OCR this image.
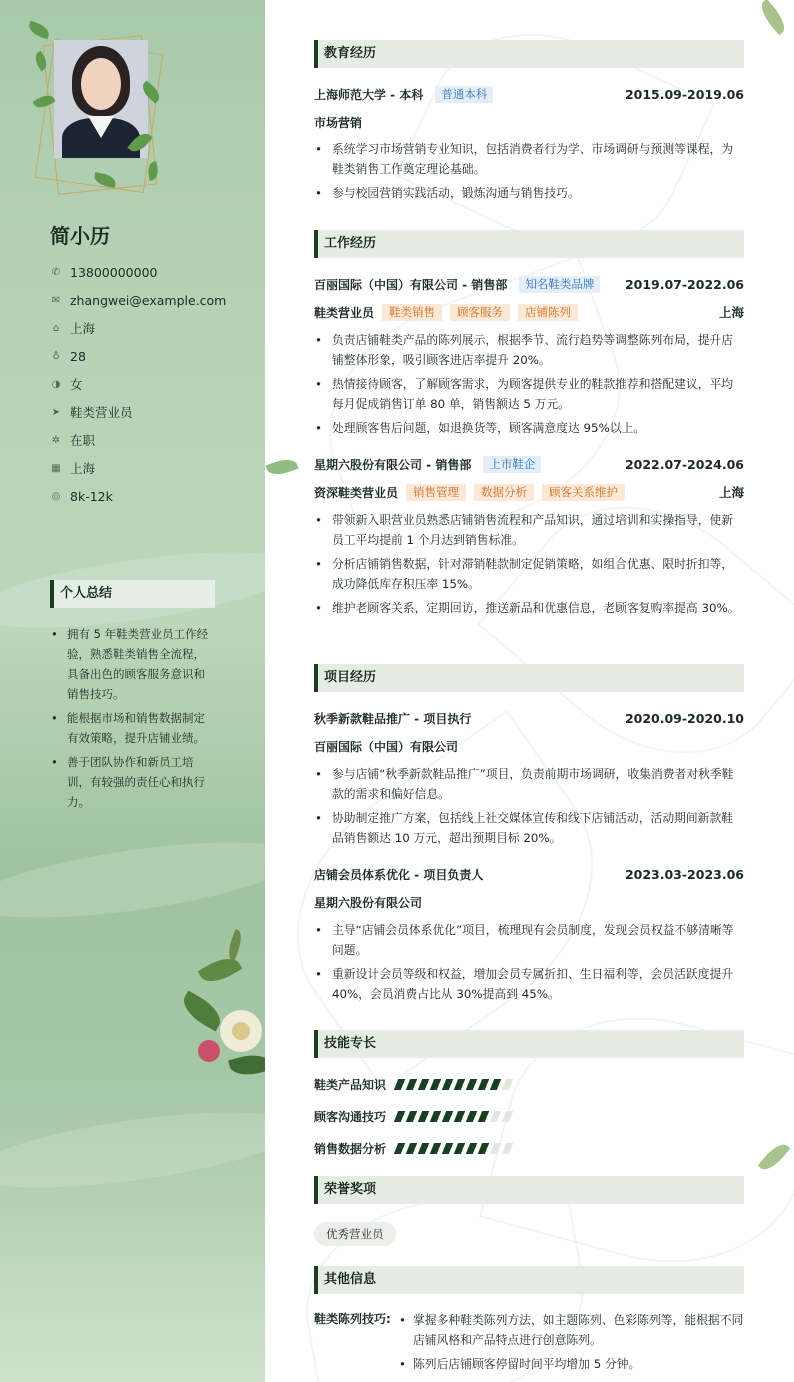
简小历
✆ 13800000000
✉ zhangwei@example.com
⌂ 上海
♁ 28
◑ 女
➤ 鞋类营业员
✲ 在职
▦ 上海
◎ 8k-12k
个人总结
• 拥有 5 年鞋类营业员工作经验，熟悉鞋类销售全流程，具备出色的顾客服务意识和销售技巧。
• 能根据市场和销售数据制定有效策略，提升店铺业绩。
• 善于团队协作和新员工培训，有较强的责任心和执行力。
教育经历
上海师范大学 - 本科	普通本科	2015.09-2019.06
市场营销
• 系统学习市场营销专业知识，包括消费者行为学、市场调研与预测等课程，为鞋类销售工作奠定理论基础。
• 参与校园营销实践活动，锻炼沟通与销售技巧。
工作经历
百丽国际（中国）有限公司 - 销售部	知名鞋类品牌	2019.07-2022.06
鞋类营业员	鞋类销售	顾客服务	店铺陈列	上海
• 负责店铺鞋类产品的陈列展示，根据季节、流行趋势等调整陈列布局，提升店铺整体形象，吸引顾客进店率提升 20%。
• 热情接待顾客，了解顾客需求，为顾客提供专业的鞋款推荐和搭配建议，平均每月促成销售订单 80 单，销售额达 5 万元。
• 处理顾客售后问题，如退换货等，顾客满意度达 95%以上。
星期六股份有限公司 - 销售部	上市鞋企	2022.07-2024.06
资深鞋类营业员	销售管理	数据分析	顾客关系维护	上海
• 带领新入职营业员熟悉店铺销售流程和产品知识，通过培训和实操指导，使新员工平均提前 1 个月达到销售标准。
• 分析店铺销售数据，针对滞销鞋款制定促销策略，如组合优惠、限时折扣等，成功降低库存积压率 15%。
• 维护老顾客关系，定期回访，推送新品和优惠信息，老顾客复购率提高 30%。
项目经历
秋季新款鞋品推广 - 项目执行	2020.09-2020.10
百丽国际（中国）有限公司
• 参与店铺“秋季新款鞋品推广”项目，负责前期市场调研，收集消费者对秋季鞋款的需求和偏好信息。
• 协助制定推广方案，包括线上社交媒体宣传和线下店铺活动，活动期间新款鞋品销售额达 10 万元，超出预期目标 20%。
店铺会员体系优化 - 项目负责人	2023.03-2023.06
星期六股份有限公司
• 主导“店铺会员体系优化”项目，梳理现有会员制度，发现会员权益不够清晰等问题。
• 重新设计会员等级和权益，增加会员专属折扣、生日福利等，会员活跃度提升 40%，会员消费占比从 30%提高到 45%。
技能专长
鞋类产品知识
顾客沟通技巧
销售数据分析
荣誉奖项
优秀营业员
其他信息
鞋类陈列技巧:
•	掌握多种鞋类陈列方法，如主题陈列、色彩陈列等，能根据不同店铺风格和产品特点进行创意陈列。
• 陈列后店铺顾客停留时间平均增加 5 分钟。
